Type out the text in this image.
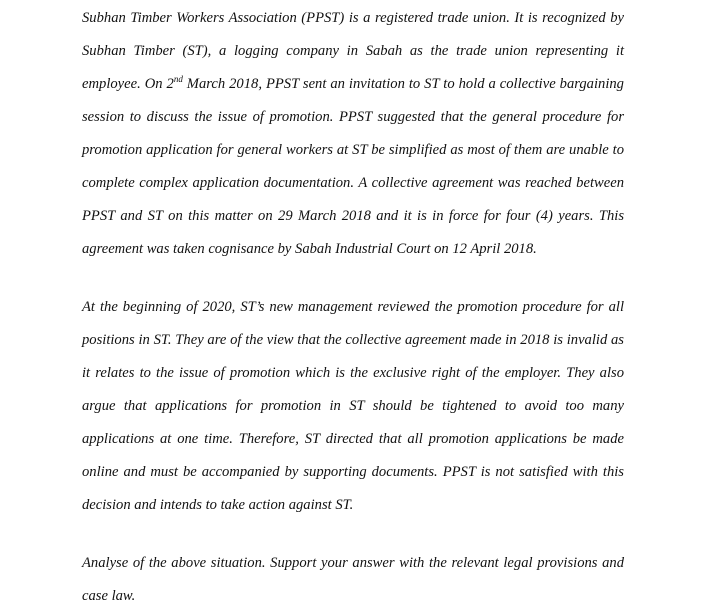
Subhan Timber Workers Association (PPST) is a registered trade union. It is recognized by
Subhan Timber (ST), a logging company in Sabah as the trade union representing it
employee. On 2nd March 2018, PPST sent an invitation to ST to hold a collective bargaining
session to discuss the issue of promotion. PPST suggested that the general procedure for
promotion application for general workers at ST be simplified as most of them are unable to
complete complex application documentation. A collective agreement was reached between
PPST and ST on this matter on 29 March 2018 and it is in force for four (4) years. This
agreement was taken cognisance by Sabah Industrial Court on 12 April 2018.
At the beginning of 2020, ST’s new management reviewed the promotion procedure for all
positions in ST. They are of the view that the collective agreement made in 2018 is invalid as
it relates to the issue of promotion which is the exclusive right of the employer. They also
argue that applications for promotion in ST should be tightened to avoid too many
applications at one time. Therefore, ST directed that all promotion applications be made
online and must be accompanied by supporting documents. PPST is not satisfied with this
decision and intends to take action against ST.
Analyse of the above situation. Support your answer with the relevant legal provisions and
case law.
